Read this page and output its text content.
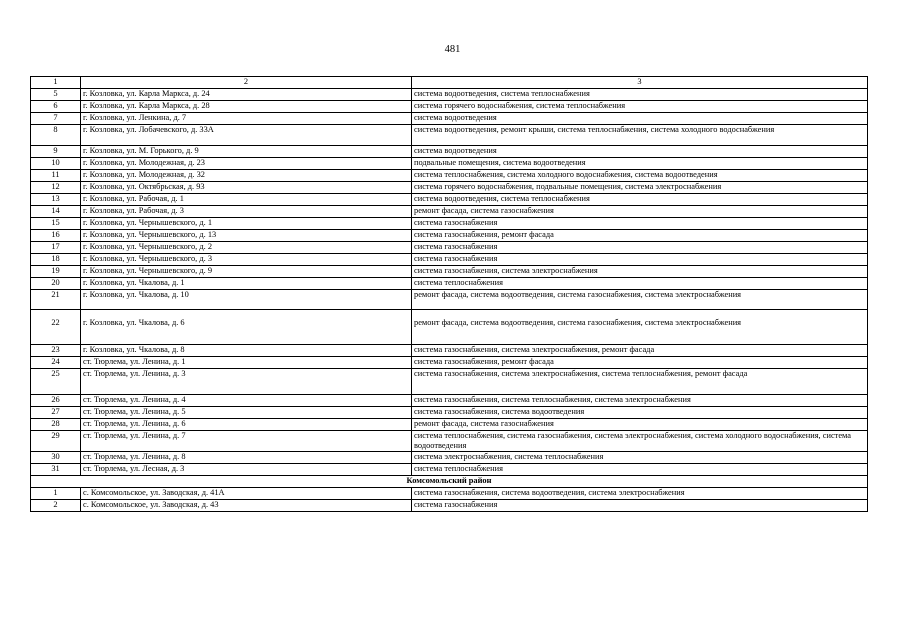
481
1	2	3
5	г. Козловка, ул. Карла Маркса, д. 24	система водоотведения, система теплоснабжения
6	г. Козловка, ул. Карла Маркса, д. 28	система горячего водоснабжения, система теплоснабжения
7	г. Козловка, ул. Ленкина, д. 7	система водоотведения
8	г. Козловка, ул. Лобачевского, д. 33А	система водоотведения, ремонт крыши, система теплоснабжения, система холодного водоснабжения
9	г. Козловка, ул. М. Горького, д. 9	система водоотведения
10	г. Козловка, ул. Молодежная, д. 23	подвальные помещения, система водоотведения
11	г. Козловка, ул. Молодежная, д. 32	система теплоснабжения, система холодного водоснабжения, система водоотведения
12	г. Козловка, ул. Октябрьская, д. 93	система горячего водоснабжения, подвальные помещения, система электроснабжения
13	г. Козловка, ул. Рабочая, д. 1	система водоотведения, система теплоснабжения
14	г. Козловка, ул. Рабочая, д. 3	ремонт фасада, система газоснабжения
15	г. Козловка, ул. Чернышевского, д. 1	система газоснабжения
16	г. Козловка, ул. Чернышевского, д. 13	система газоснабжения, ремонт фасада
17	г. Козловка, ул. Чернышевского, д. 2	система газоснабжения
18	г. Козловка, ул. Чернышевского, д. 3	система газоснабжения
19	г. Козловка, ул. Чернышевского, д. 9	система газоснабжения, система электроснабжения
20	г. Козловка, ул. Чкалова, д. 1	система теплоснабжения
21	г. Козловка, ул. Чкалова, д. 10	ремонт фасада, система водоотведения, система газоснабжения, система электроснабжения
22	г. Козловка, ул. Чкалова, д. 6	ремонт фасада, система водоотведения, система газоснабжения, система электроснабжения
23	г. Козловка, ул. Чкалова, д. 8	система газоснабжения, система электроснабжения, ремонт фасада
24	ст. Тюрлема, ул. Ленина, д. 1	система газоснабжения, ремонт фасада
25	ст. Тюрлема, ул. Ленина, д. 3	система газоснабжения, система электроснабжения, система теплоснабжения, ремонт фасада
26	ст. Тюрлема, ул. Ленина, д. 4	система газоснабжения, система теплоснабжения, система электроснабжения
27	ст. Тюрлема, ул. Ленина, д. 5	система газоснабжения, система водоотведения
28	ст. Тюрлема, ул. Ленина, д. 6	ремонт фасада, система газоснабжения
29	ст. Тюрлема, ул. Ленина, д. 7	система теплоснабжения, система газоснабжения, система электроснабжения, система холодного водоснабжения, система водоотведения
30	ст. Тюрлема, ул. Ленина, д. 8	система электроснабжения, система теплоснабжения
31	ст. Тюрлема, ул. Лесная, д. 3	система теплоснабжения
Комсомольский район		
1	с. Комсомольское, ул. Заводская, д. 41А	система газоснабжения, система водоотведения, система электроснабжения
2	с. Комсомольское, ул. Заводская, д. 43	система газоснабжения
